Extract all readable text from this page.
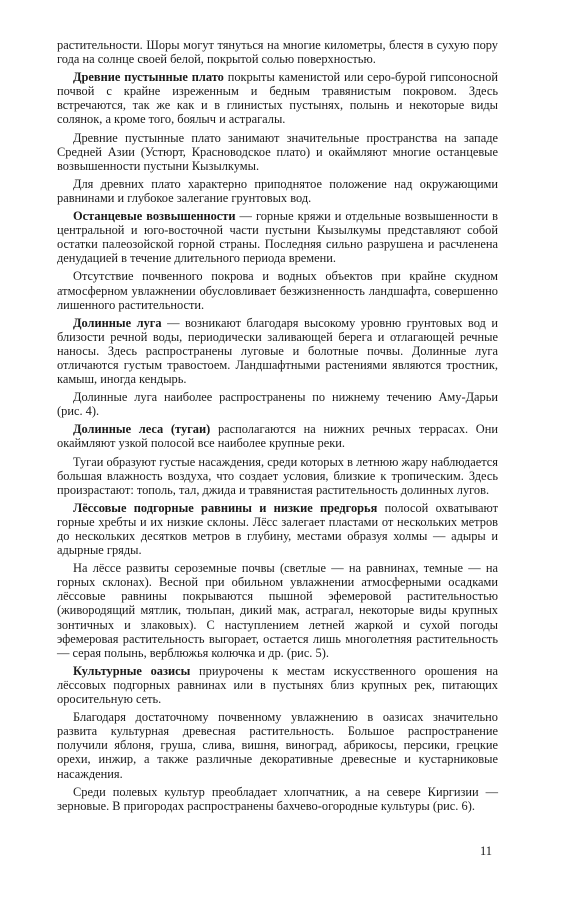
растительности. Шоры могут тянуться на многие километры, блестя в сухую пору года на солнце своей белой, покрытой солью поверхностью.

Древние пустынные плато покрыты каменистой или серо-бурой гипсоносной почвой с крайне изреженным и бедным травянистым покровом. Здесь встречаются, так же как и в глинистых пустынях, полынь и некоторые виды солянок, а кроме того, боялыч и астрагалы.

Древние пустынные плато занимают значительные пространства на западе Средней Азии (Устюрт, Красноводское плато) и окаймляют многие останцевые возвышенности пустыни Кызылкумы.

Для древних плато характерно приподнятое положение над окружающими равнинами и глубокое залегание грунтовых вод.

Останцевые возвышенности — горные кряжи и отдельные возвышенности в центральной и юго-восточной части пустыни Кызылкумы представляют собой остатки палеозойской горной страны. Последняя сильно разрушена и расчленена денудацией в течение длительного периода времени.

Отсутствие почвенного покрова и водных объектов при крайне скудном атмосферном увлажнении обусловливает безжизненность ландшафта, совершенно лишенного растительности.

Долинные луга — возникают благодаря высокому уровню грунтовых вод и близости речной воды, периодически заливающей берега и отлагающей речные наносы. Здесь распространены луговые и болотные почвы. Долинные луга отличаются густым травостоем. Ландшафтными растениями являются тростник, камыш, иногда кендырь.

Долинные луга наиболее распространены по нижнему течению Аму-Дарьи (рис. 4).

Долинные леса (тугаи) располагаются на нижних речных террасах. Они окаймляют узкой полосой все наиболее крупные реки.

Тугаи образуют густые насаждения, среди которых в летнюю жару наблюдается большая влажность воздуха, что создает условия, близкие к тропическим. Здесь произрастают: тополь, тал, джида и травянистая растительность долинных лугов.

Лёссовые подгорные равнины и низкие предгорья полосой охватывают горные хребты и их низкие склоны. Лёсс залегает пластами от нескольких метров до нескольких десятков метров в глубину, местами образуя холмы — адыры и адырные гряды.

На лёссе развиты сероземные почвы (светлые — на равнинах, темные — на горных склонах). Весной при обильном увлажнении атмосферными осадками лёссовые равнины покрываются пышной эфемеровой растительностью (живородящий мятлик, тюльпан, дикий мак, астрагал, некоторые виды крупных зонтичных и злаковых). С наступлением летней жаркой и сухой погоды эфемеровая растительность выгорает, остается лишь многолетняя растительность — серая полынь, верблюжья колючка и др. (рис. 5).

Культурные оазисы приурочены к местам искусственного орошения на лёссовых подгорных равнинах или в пустынях близ крупных рек, питающих оросительную сеть.

Благодаря достаточному почвенному увлажнению в оазисах значительно развита культурная древесная растительность. Большое распространение получили яблоня, груша, слива, вишня, виноград, абрикосы, персики, грецкие орехи, инжир, а также различные декоративные древесные и кустарниковые насаждения.

Среди полевых культур преобладает хлопчатник, а на севере Киргизии — зерновые. В пригородах распространены бахчево-огородные культуры (рис. 6).

11
